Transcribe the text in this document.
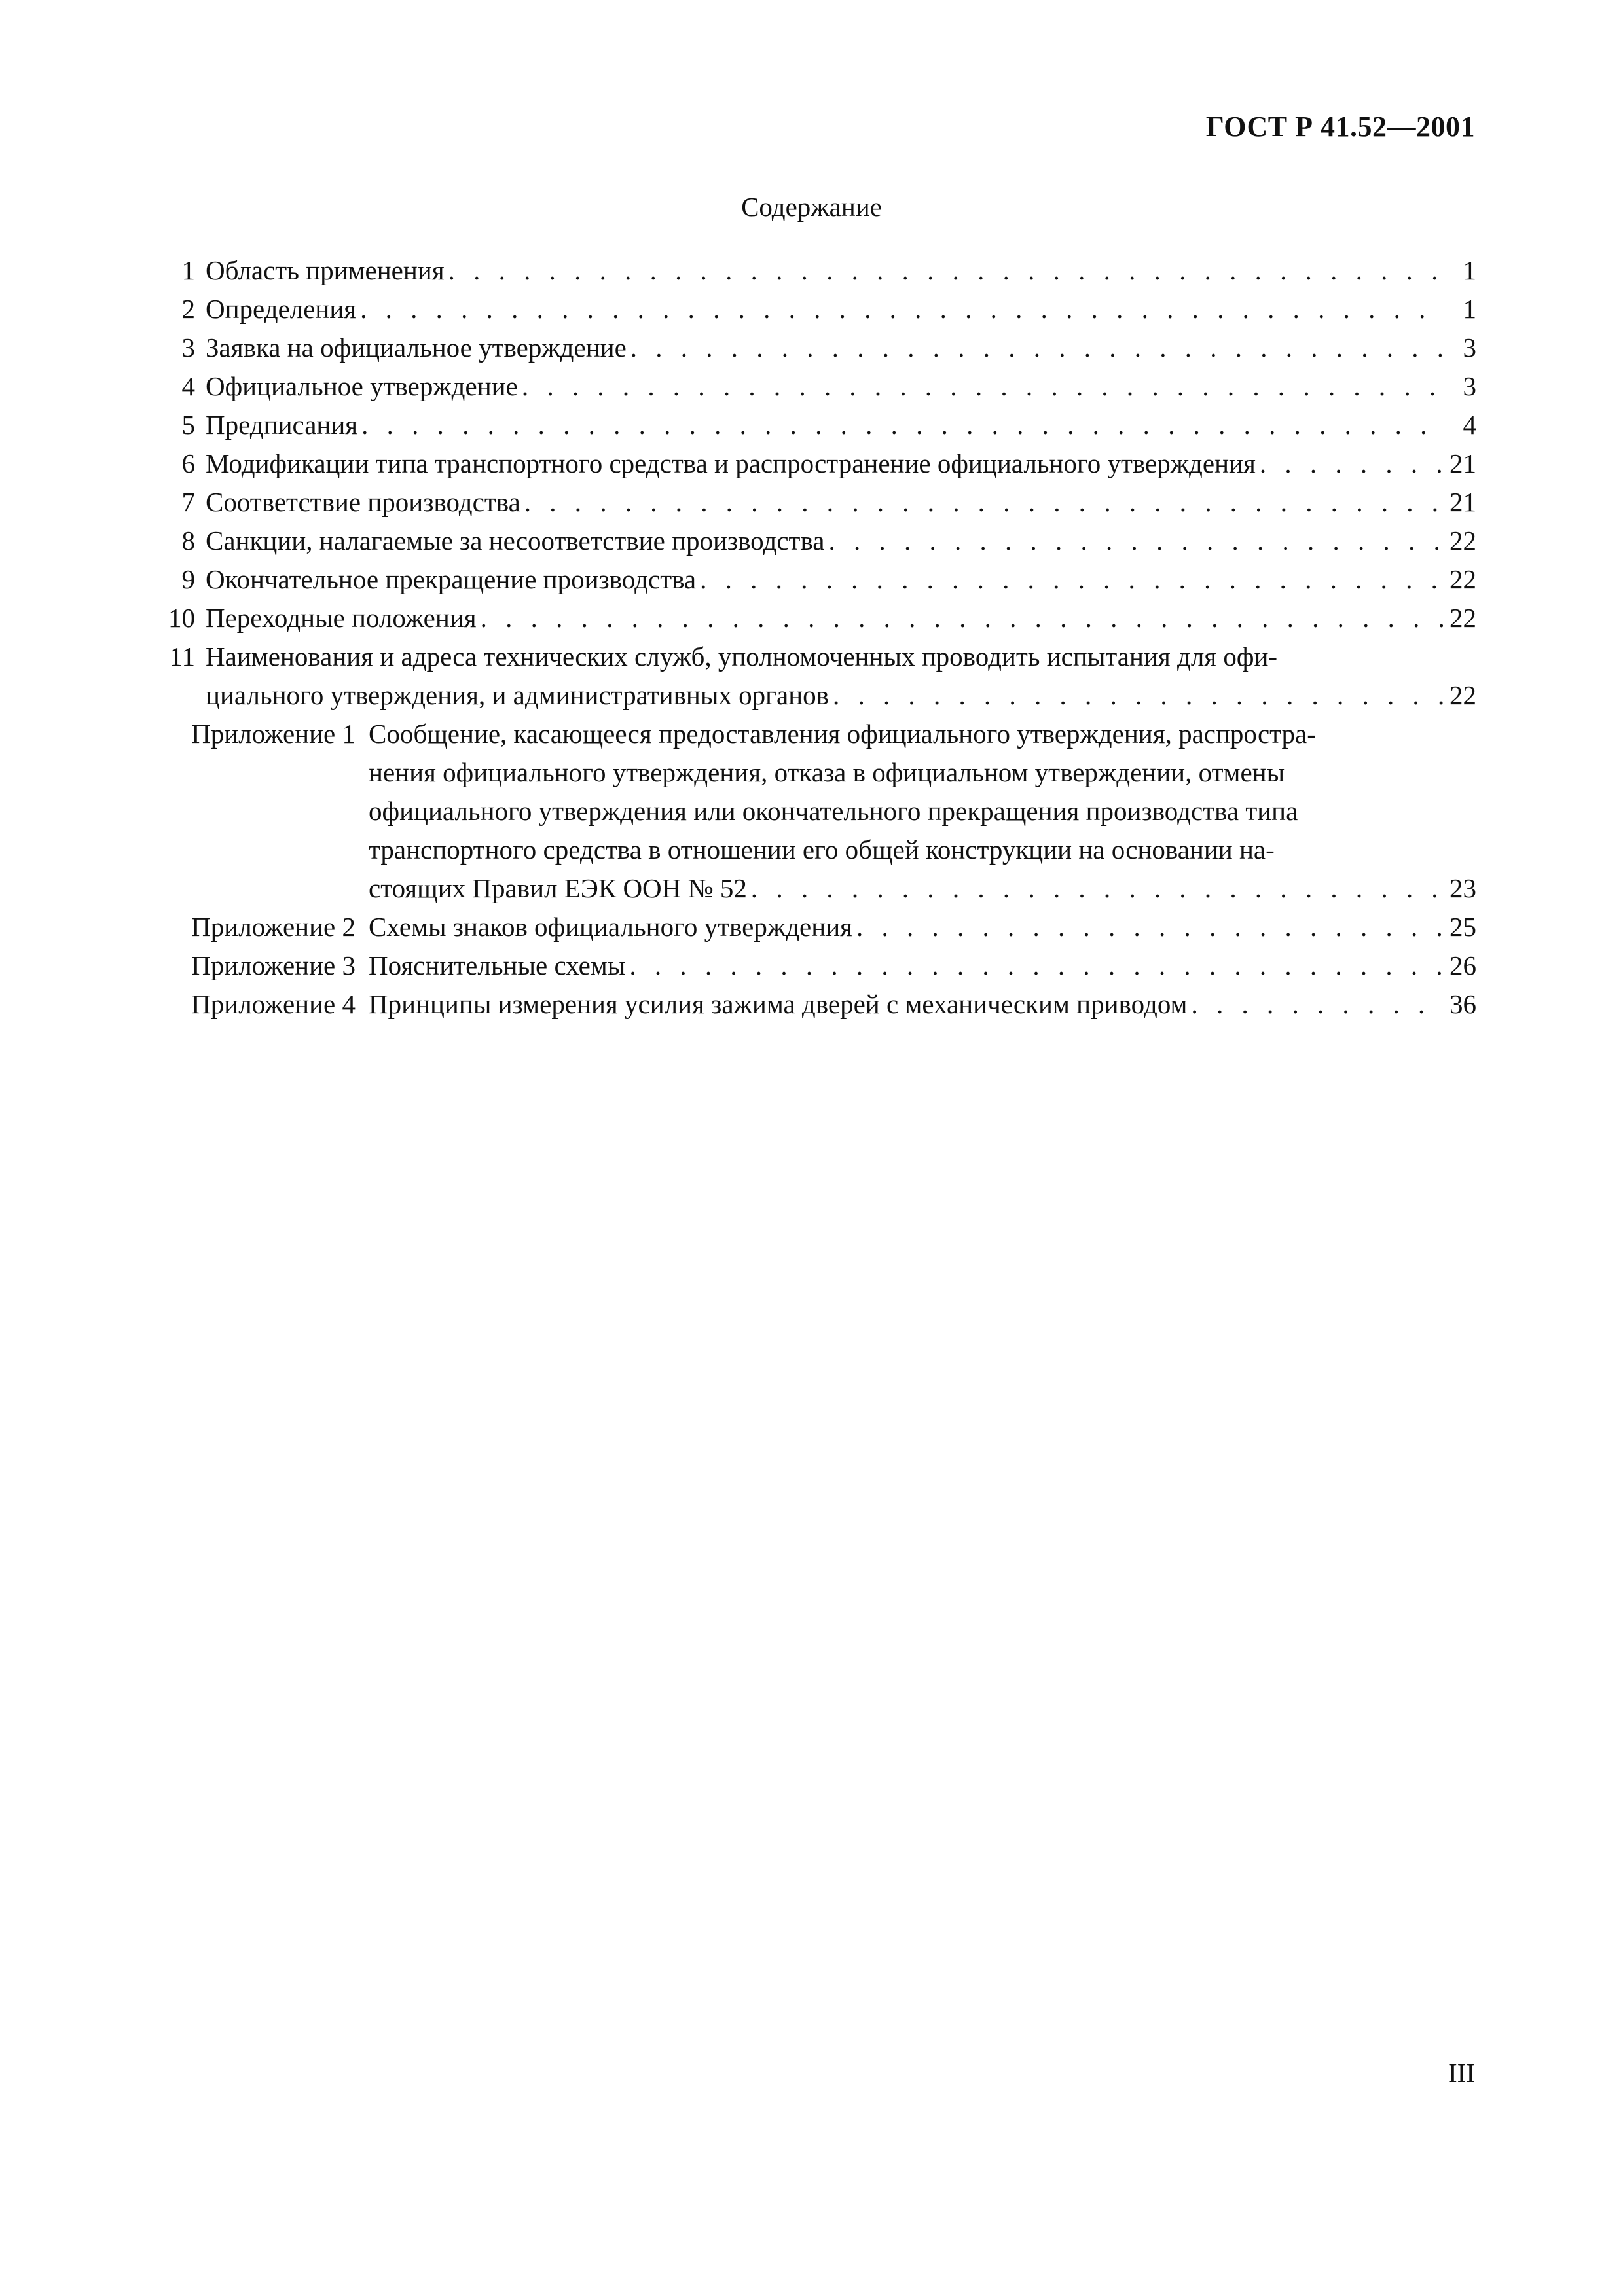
ГОСТ Р 41.52—2001
Содержание
1 Область применения . . .	1
2 Определения . . .	1
3 Заявка на официальное утверждение . . .	3
4 Официальное утверждение . . .	3
5 Предписания . . .	4
6 Модификации типа транспортного средства и распространение официального утверждения . . .	21
7 Соответствие производства . . .	21
8 Санкции, налагаемые за несоответствие производства . . .	22
9 Окончательное прекращение производства . . .	22
10 Переходные положения . . .	22
11 Наименования и адреса технических служб, уполномоченных проводить испытания для офи-
циального утверждения, и административных органов . . .	22
Приложение 1 Сообщение, касающееся предоставления официального утверждения, распростра-
нения официального утверждения, отказа в официальном утверждении, отмены
официального утверждения или окончательного прекращения производства типа
транспортного средства в отношении его общей конструкции на основании на-
стоящих Правил ЕЭК ООН № 52 . . .	23
Приложение 2 Схемы знаков официального утверждения . . .	25
Приложение 3 Пояснительные схемы . . .	26
Приложение 4 Принципы измерения усилия зажима дверей с механическим приводом . . .	36
III
